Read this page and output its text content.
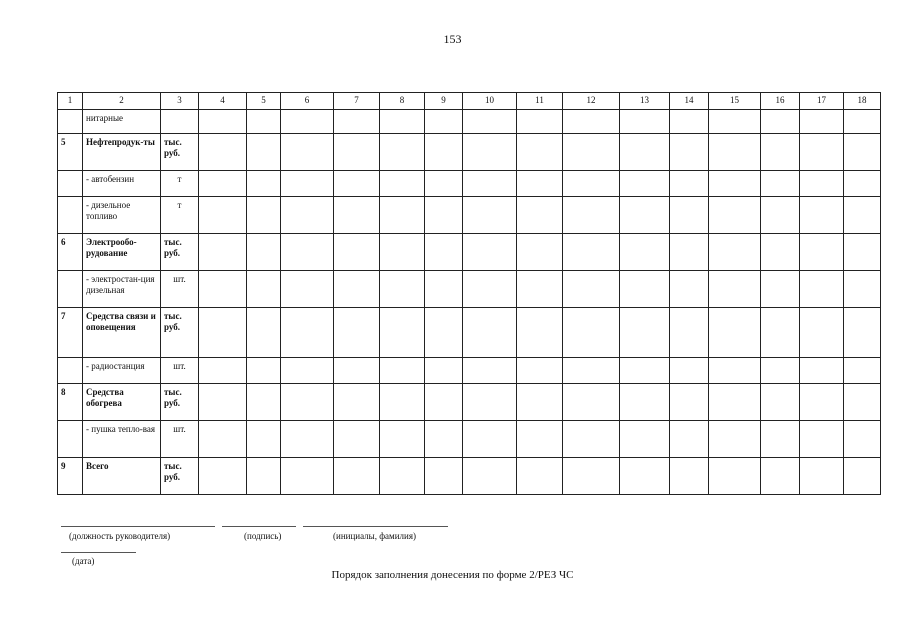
153
1	2	3	4	5	6	7	8	9	10	11	12	13	14	15	16	17	18
	нитарные																
5	Нефтепродук-ты	тыс. руб.															
	- автобензин	т															
	- дизельное топливо	т															
6	Электрообо-рудование	тыс. руб.															
	- электростан-ция дизельная	шт.															
7	Средства связи и оповещения	тыс. руб.															
	- радиостанция	шт.															
8	Средства обогрева	тыс. руб.															
	- пушка тепло-вая	шт.															
9	Всего	тыс. руб.															
(должность руководителя)	(подпись)	(инициалы, фамилия)
(дата)
Порядок заполнения донесения по форме 2/РЕЗ ЧС
